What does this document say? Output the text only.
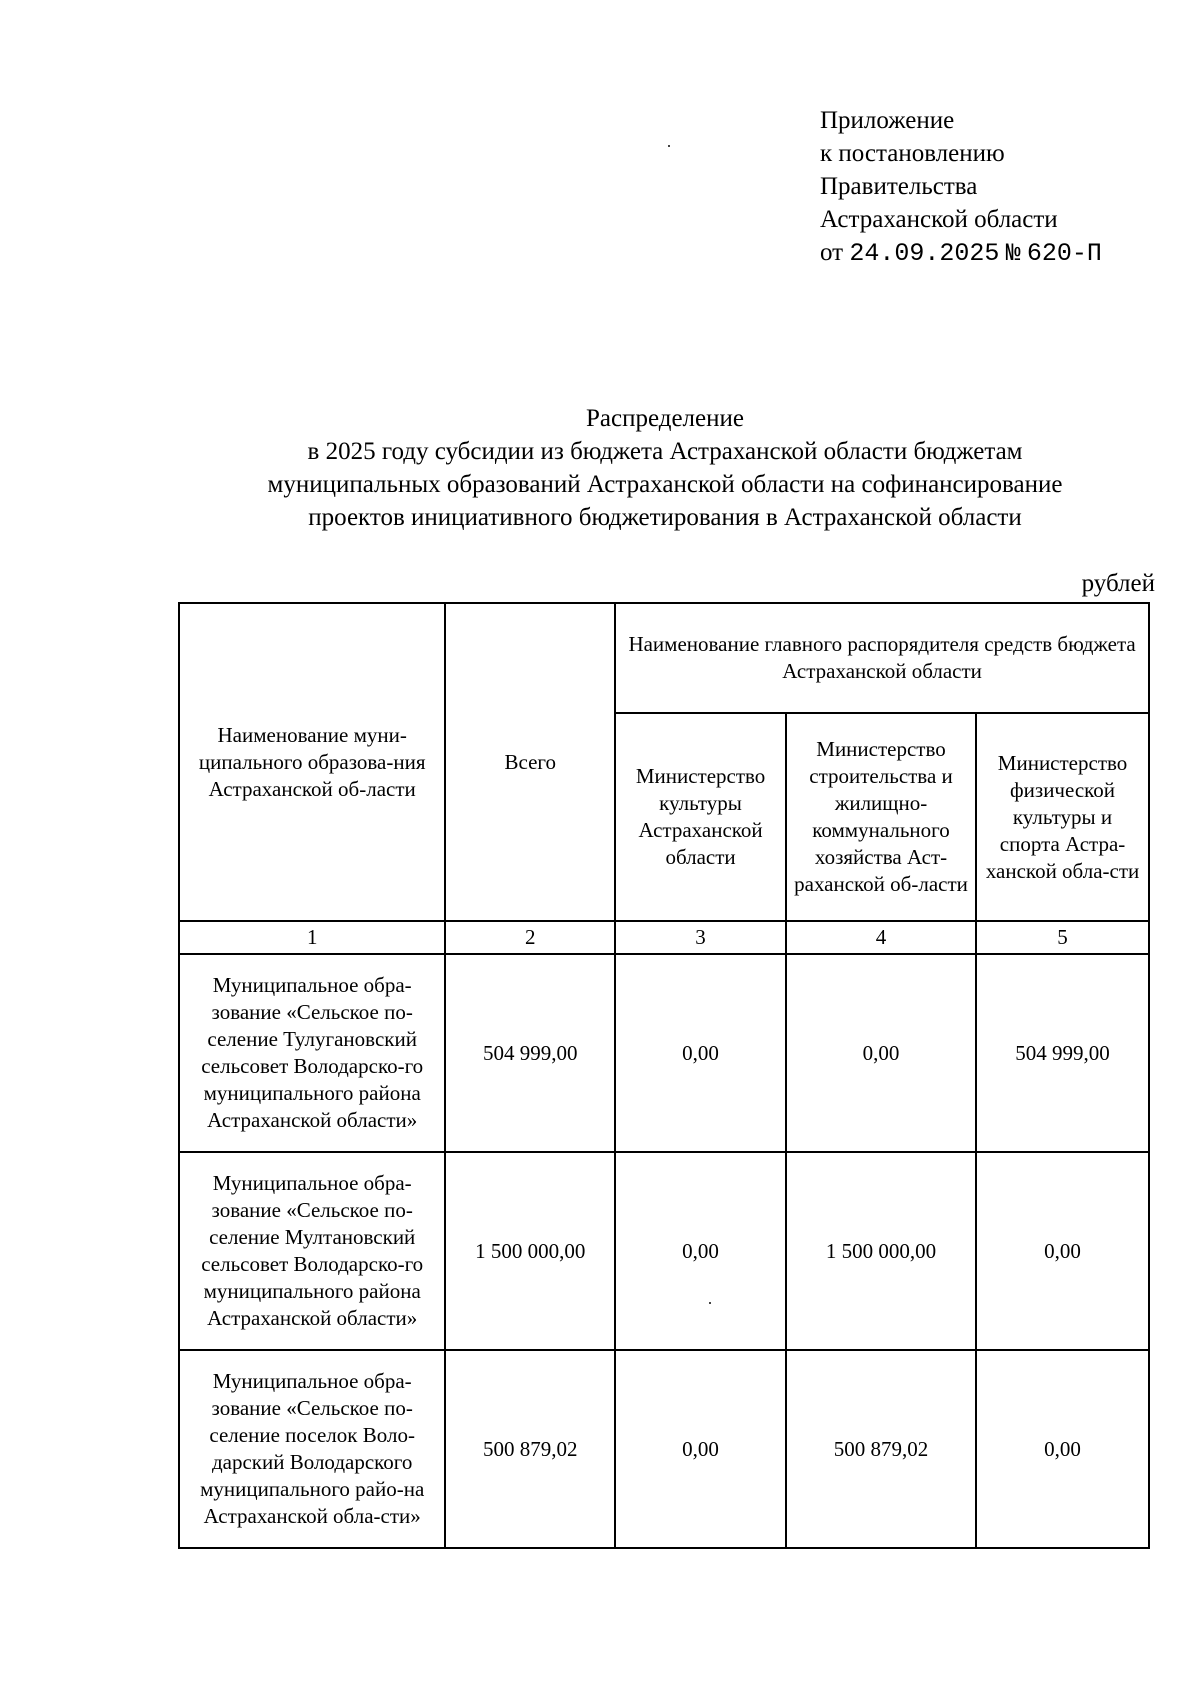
Приложение
к постановлению
Правительства
Астраханской области
от 24.09.2025 № 620-П
Распределение
в 2025 году субсидии из бюджета Астраханской области бюджетам
муниципальных образований Астраханской области на софинансирование
проектов инициативного бюджетирования в Астраханской области
рублей
Наименование муни-ципального образова-ния Астраханской об-ласти	Всего	Наименование главного распорядителя средств бюджета Астраханской области		
		Министерство культуры Астраханской области	Министерство строительства и жилищно-коммунального хозяйства Аст-раханской об-ласти	Министерство физической культуры и спорта Астра-ханской обла-сти
1	2	3	4	5
Муниципальное обра-зование «Сельское по-селение Тулугановский сельсовет Володарско-го муниципального района Астраханской области»	504 999,00	0,00	0,00	504 999,00
Муниципальное обра-зование «Сельское по-селение Мултановский сельсовет Володарско-го муниципального района Астраханской области»	1 500 000,00	0,00	1 500 000,00	0,00
Муниципальное обра-зование «Сельское по-селение поселок Воло-дарский Володарского муниципального райо-на Астраханской обла-сти»	500 879,02	0,00	500 879,02	0,00
